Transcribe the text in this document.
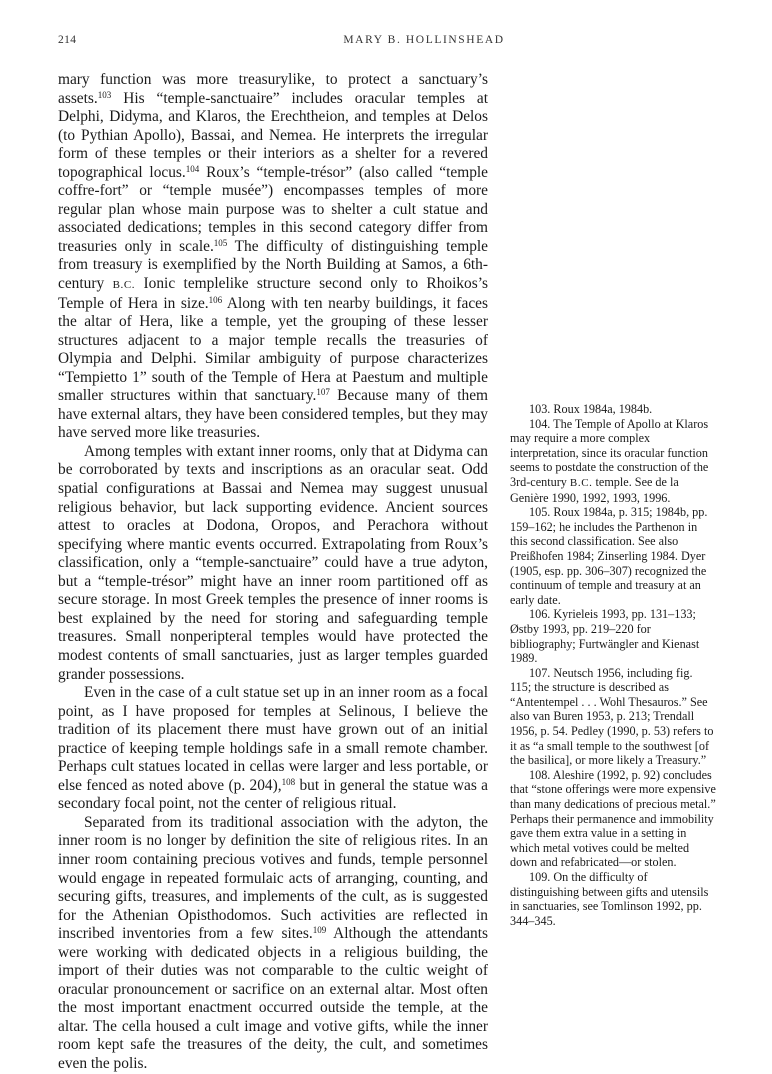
214	MARY B. HOLLINSHEAD

mary function was more treasurylike, to protect a sanctuary’s assets.$^{103}$ His “temple-sanctuaire” includes oracular temples at Delphi, Didyma, and Klaros, the Erechtheion, and temples at Delos (to Pythian Apollo), Bassai, and Nemea. He interprets the irregular form of these temples or their interiors as a shelter for a revered topographical locus.$^{104}$ Roux’s “temple-trésor” (also called “temple coffre-fort” or “temple musée”) encompasses temples of more regular plan whose main purpose was to shelter a cult statue and associated dedications; temples in this second category differ from treasuries only in scale.$^{105}$ The difficulty of distinguishing temple from treasury is exemplified by the North Building at Samos, a 6th-century B.C. Ionic templelike structure second only to Rhoikos’s Temple of Hera in size.$^{106}$ Along with ten nearby buildings, it faces the altar of Hera, like a temple, yet the grouping of these lesser structures adjacent to a major temple recalls the treasuries of Olympia and Delphi. Similar ambiguity of purpose characterizes “Tempietto 1” south of the Temple of Hera at Paestum and multiple smaller structures within that sanctuary.$^{107}$ Because many of them have external altars, they have been considered temples, but they may have served more like treasuries.

Among temples with extant inner rooms, only that at Didyma can be corroborated by texts and inscriptions as an oracular seat. Odd spatial configurations at Bassai and Nemea may suggest unusual religious behavior, but lack supporting evidence. Ancient sources attest to oracles at Dodona, Oropos, and Perachora without specifying where mantic events occurred. Extrapolating from Roux’s classification, only a “temple-sanctuaire” could have a true adyton, but a “temple-trésor” might have an inner room partitioned off as secure storage. In most Greek temples the presence of inner rooms is best explained by the need for storing and safeguarding temple treasures. Small nonperipteral temples would have protected the modest contents of small sanctuaries, just as larger temples guarded grander possessions.

Even in the case of a cult statue set up in an inner room as a focal point, as I have proposed for temples at Selinous, I believe the tradition of its placement there must have grown out of an initial practice of keeping temple holdings safe in a small remote chamber. Perhaps cult statues located in cellas were larger and less portable, or else fenced as noted above (p. 204),$^{108}$ but in general the statue was a secondary focal point, not the center of religious ritual.

Separated from its traditional association with the adyton, the inner room is no longer by definition the site of religious rites. In an inner room containing precious votives and funds, temple personnel would engage in repeated formulaic acts of arranging, counting, and securing gifts, treasures, and implements of the cult, as is suggested for the Athenian Opisthodomos. Such activities are reflected in inscribed inventories from a few sites.$^{109}$ Although the attendants were working with dedicated objects in a religious building, the import of their duties was not comparable to the cultic weight of oracular pronouncement or sacrifice on an external altar. Most often the most important enactment occurred outside the temple, at the altar. The cella housed a cult image and votive gifts, while the inner room kept safe the treasures of the deity, the cult, and sometimes even the polis.

103. Roux 1984a, 1984b.

104. The Temple of Apollo at Klaros may require a more complex interpretation, since its oracular function seems to postdate the construction of the 3rd-century B.C. temple. See de la Genière 1990, 1992, 1993, 1996.

105. Roux 1984a, p. 315; 1984b, pp. 159–162; he includes the Parthenon in this second classification. See also Preißhofen 1984; Zinserling 1984. Dyer (1905, esp. pp. 306–307) recognized the continuum of temple and treasury at an early date.

106. Kyrieleis 1993, pp. 131–133; Østby 1993, pp. 219–220 for bibliography; Furtwängler and Kienast 1989.

107. Neutsch 1956, including fig. 115; the structure is described as “Antentempel . . . Wohl Thesauros.” See also van Buren 1953, p. 213; Trendall 1956, p. 54. Pedley (1990, p. 53) refers to it as “a small temple to the southwest [of the basilica], or more likely a Treasury.”

108. Aleshire (1992, p. 92) concludes that “stone offerings were more expensive than many dedications of precious metal.” Perhaps their permanence and immobility gave them extra value in a setting in which metal votives could be melted down and refabricated—or stolen.

109. On the difficulty of distinguishing between gifts and utensils in sanctuaries, see Tomlinson 1992, pp. 344–345.
